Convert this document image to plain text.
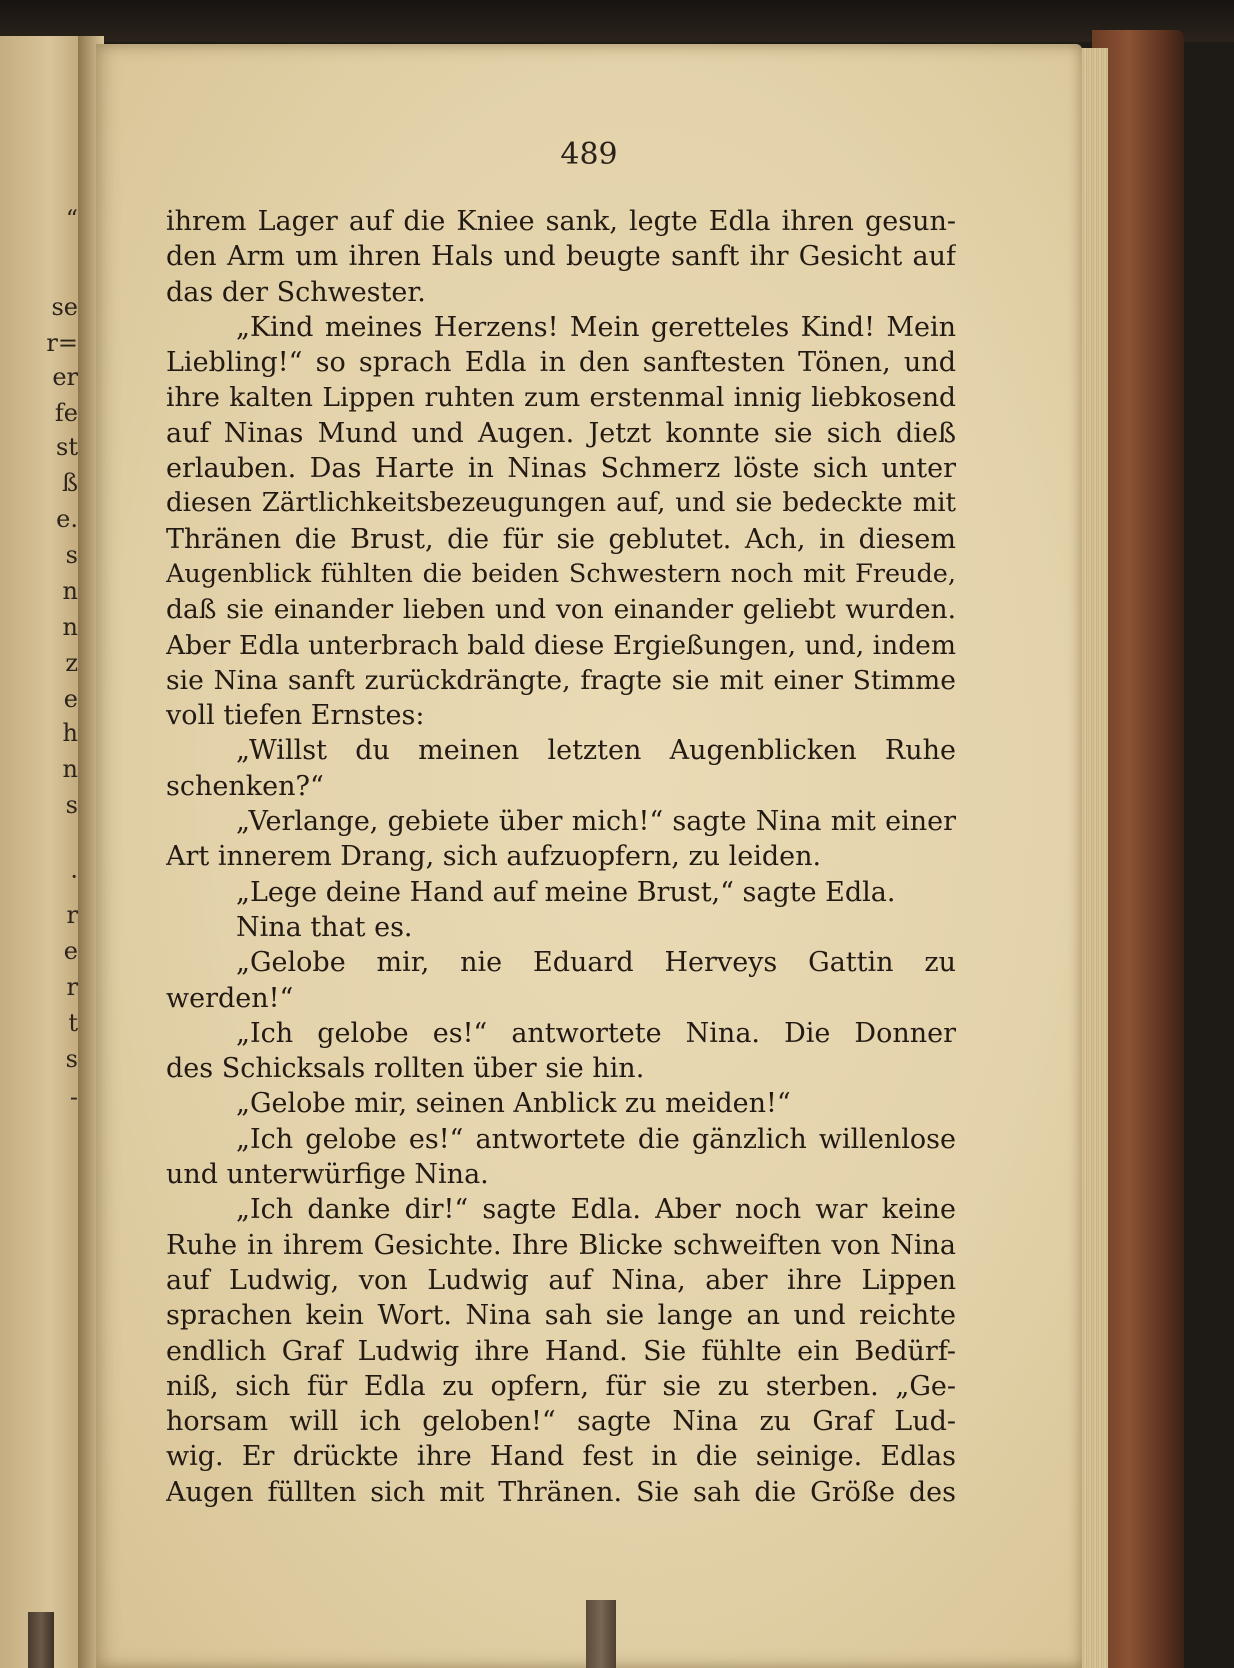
“
se
r=
er
fe
st
ß
e.
s
n
n
z
e
h
n
s
·
r
e
r
t
s
-
489
ihrem Lager auf die Kniee sank, legte Edla ihren gesun-
den Arm um ihren Hals und beugte sanft ihr Gesicht auf
das der Schwester.
„Kind meines Herzens! Mein geretteles Kind! Mein
Liebling!“ so sprach Edla in den sanftesten Tönen, und
ihre kalten Lippen ruhten zum erstenmal innig liebkosend
auf Ninas Mund und Augen. Jetzt konnte sie sich dieß
erlauben. Das Harte in Ninas Schmerz löste sich unter
diesen Zärtlichkeitsbezeugungen auf, und sie bedeckte mit
Thränen die Brust, die für sie geblutet. Ach, in diesem
Augenblick fühlten die beiden Schwestern noch mit Freude,
daß sie einander lieben und von einander geliebt wurden.
Aber Edla unterbrach bald diese Ergießungen, und, indem
sie Nina sanft zurückdrängte, fragte sie mit einer Stimme
voll tiefen Ernstes:
„Willst du meinen letzten Augenblicken Ruhe
schenken?“
„Verlange, gebiete über mich!“ sagte Nina mit einer
Art innerem Drang, sich aufzuopfern, zu leiden.
„Lege deine Hand auf meine Brust,“ sagte Edla.
Nina that es.
„Gelobe mir, nie Eduard Herveys Gattin zu
werden!“
„Ich gelobe es!“ antwortete Nina. Die Donner
des Schicksals rollten über sie hin.
„Gelobe mir, seinen Anblick zu meiden!“
„Ich gelobe es!“ antwortete die gänzlich willenlose
und unterwürfige Nina.
„Ich danke dir!“ sagte Edla. Aber noch war keine
Ruhe in ihrem Gesichte. Ihre Blicke schweiften von Nina
auf Ludwig, von Ludwig auf Nina, aber ihre Lippen
sprachen kein Wort. Nina sah sie lange an und reichte
endlich Graf Ludwig ihre Hand. Sie fühlte ein Bedürf-
niß, sich für Edla zu opfern, für sie zu sterben. „Ge-
horsam will ich geloben!“ sagte Nina zu Graf Lud-
wig. Er drückte ihre Hand fest in die seinige. Edlas
Augen füllten sich mit Thränen. Sie sah die Größe des
